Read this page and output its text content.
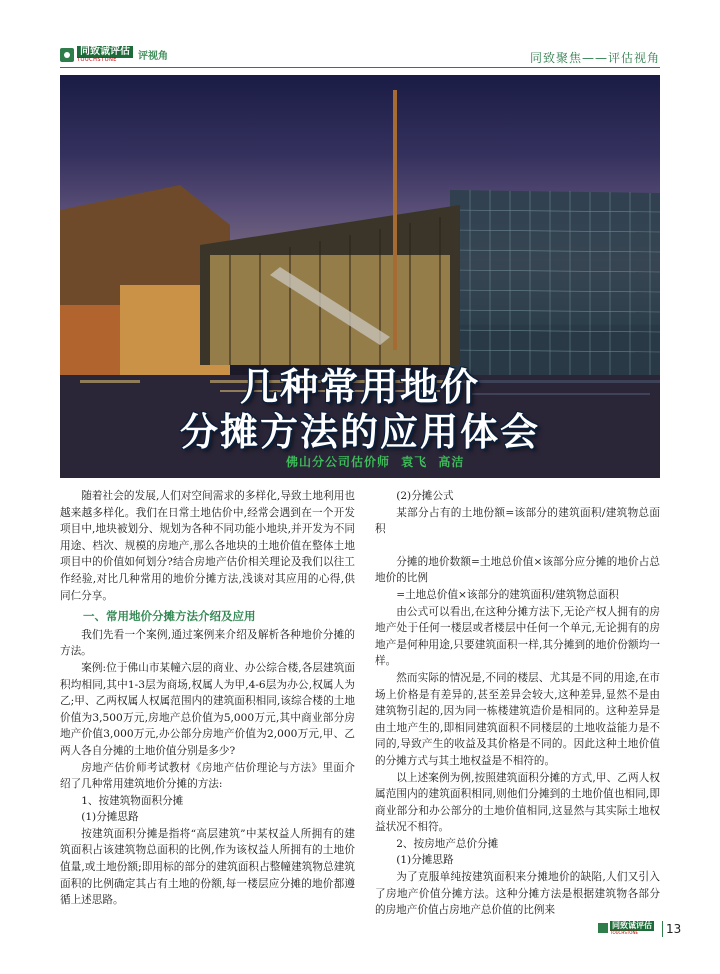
同致诚评估
TOUCHSTONE	评视角	同致聚焦——评估视角
几种常用地价
分摊方法的应用体会
佛山分公司估价师 袁飞 高洁

随着社会的发展,人们对空间需求的多样化,导致土地利用也越来越多样化。我们在日常土地估价中,经常会遇到在一个开发项目中,地块被划分、规划为各种不同功能小地块,并开发为不同用途、档次、规模的房地产,那么各地块的土地价值在整体土地项目中的价值如何划分?结合房地产估价相关理论及我们以往工作经验,对比几种常用的地价分摊方法,浅谈对其应用的心得,供同仁分享。

一、常用地价分摊方法介绍及应用

我们先看一个案例,通过案例来介绍及解析各种地价分摊的方法。

案例:位于佛山市某幢六层的商业、办公综合楼,各层建筑面积均相同,其中1-3层为商场,权属人为甲,4-6层为办公,权属人为乙;甲、乙两权属人权属范围内的建筑面积相同,该综合楼的土地价值为3,500万元,房地产总价值为5,000万元,其中商业部分房地产价值3,000万元,办公部分房地产价值为2,000万元,甲、乙两人各自分摊的土地价值分别是多少?

房地产估价师考试教材《房地产估价理论与方法》里面介绍了几种常用建筑地价分摊的方法:

1、按建筑物面积分摊

(1)分摊思路

按建筑面积分摊是指将“高层建筑”中某权益人所拥有的建筑面积占该建筑物总面积的比例,作为该权益人所拥有的土地价值量,或土地份额;即用标的部分的建筑面积占整幢建筑物总建筑面积的比例确定其占有土地的份额,每一楼层应分摊的地价都遵循上述思路。

(2)分摊公式

某部分占有的土地份额=该部分的建筑面积/建筑物总面积

分摊的地价数额=土地总价值×该部分应分摊的地价占总地价的比例

=土地总价值×该部分的建筑面积/建筑物总面积

由公式可以看出,在这种分摊方法下,无论产权人拥有的房地产处于任何一楼层或者楼层中任何一个单元,无论拥有的房地产是何种用途,只要建筑面积一样,其分摊到的地价份额均一样。

然而实际的情况是,不同的楼层、尤其是不同的用途,在市场上价格是有差异的,甚至差异会较大,这种差异,显然不是由建筑物引起的,因为同一栋楼建筑造价是相同的。这种差异是由土地产生的,即相同建筑面积不同楼层的土地收益能力是不同的,导致产生的收益及其价格是不同的。因此这种土地价值的分摊方式与其土地权益是不相符的。

以上述案例为例,按照建筑面积分摊的方式,甲、乙两人权属范围内的建筑面积相同,则他们分摊到的土地价值也相同,即商业部分和办公部分的土地价值相同,这显然与其实际土地权益状况不相符。

2、按房地产总价分摊

(1)分摊思路

为了克服单纯按建筑面积来分摊地价的缺陷,人们又引入了房地产价值分摊方法。这种分摊方法是根据建筑物各部分的房地产价值占房地产总价值的比例来

同致诚评估
TOUCHSTONE	13
